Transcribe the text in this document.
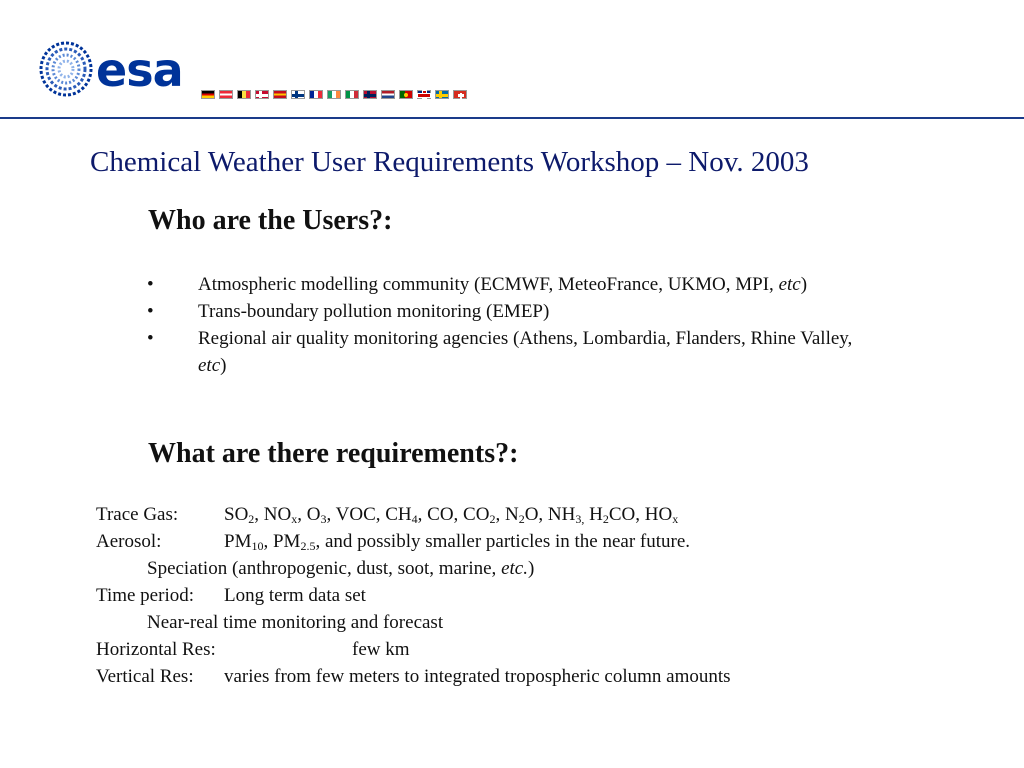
esa
Chemical Weather User Requirements Workshop – Nov. 2003
Who are the Users?:
• Atmospheric modelling community (ECMWF, MeteoFrance, UKMO, MPI, etc)
• Trans-boundary pollution monitoring (EMEP)
• Regional air quality monitoring agencies (Athens, Lombardia, Flanders, Rhine Valley, etc)
What are there requirements?:
Trace Gas: $SO_2$, $NO_x$, $O_3$, VOC, $CH_4$, CO, $CO_2$, $N_2O$, $NH_{3,}$ $H_2CO$, $HO_x$
Aerosol:	$PM_{10}$, $PM_{2.5}$, and possibly smaller particles in the near future.
Speciation (anthropogenic, dust, soot, marine, etc.)
Time period: Long term data set
Near-real time monitoring and forecast
Horizontal Res:	few km
Vertical Res: varies from few meters to integrated tropospheric column amounts
